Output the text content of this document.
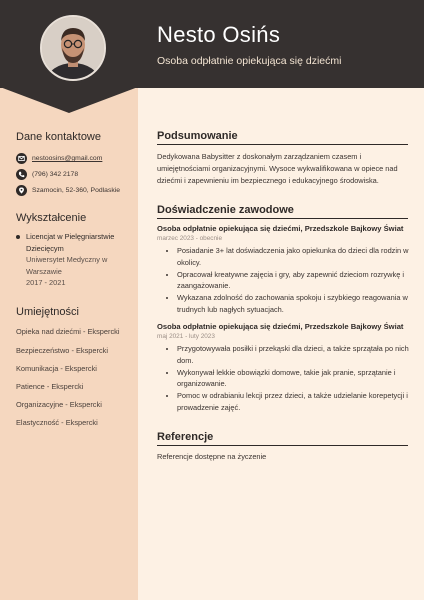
Nesto Osińs
Osoba odpłatnie opiekująca się dziećmi
Dane kontaktowe
nestoosins@gmail.com
(796) 342 2178
Szamocin, 52-360, Podlaskie
Wykształcenie
Licencjat w Pielęgniarstwie Dziecięcym
Uniwersytet Medyczny w Warszawie
2017 - 2021
Umiejętności
Opieka nad dziećmi - Ekspercki
Bezpieczeństwo - Ekspercki
Komunikacja - Ekspercki
Patience - Ekspercki
Organizacyjne - Ekspercki
Elastyczność - Ekspercki
Podsumowanie
Dedykowana Babysitter z doskonałym zarządzaniem czasem i umiejętnościami organizacyjnymi. Wysoce wykwalifikowana w opiece nad dziećmi i zapewnieniu im bezpiecznego i edukacyjnego środowiska.
Doświadczenie zawodowe
Osoba odpłatnie opiekująca się dziećmi, Przedszkole Bajkowy Świat
marzec 2023 - obecnie
• Posiadanie 3+ lat doświadczenia jako opiekunka do dzieci dla rodzin w okolicy.
• Opracował kreatywne zajęcia i gry, aby zapewnić dzieciom rozrywkę i zaangażowanie.
• Wykazana zdolność do zachowania spokoju i szybkiego reagowania w trudnych lub nagłych sytuacjach.
Osoba odpłatnie opiekująca się dziećmi, Przedszkole Bajkowy Świat
maj 2021 - luty 2023
• Przygotowywała posiłki i przekąski dla dzieci, a także sprzątała po nich dom.
• Wykonywał lekkie obowiązki domowe, takie jak pranie, sprzątanie i organizowanie.
• Pomoc w odrabianiu lekcji przez dzieci, a także udzielanie korepetycji i prowadzenie zajęć.
Referencje
Referencje dostępne na życzenie
